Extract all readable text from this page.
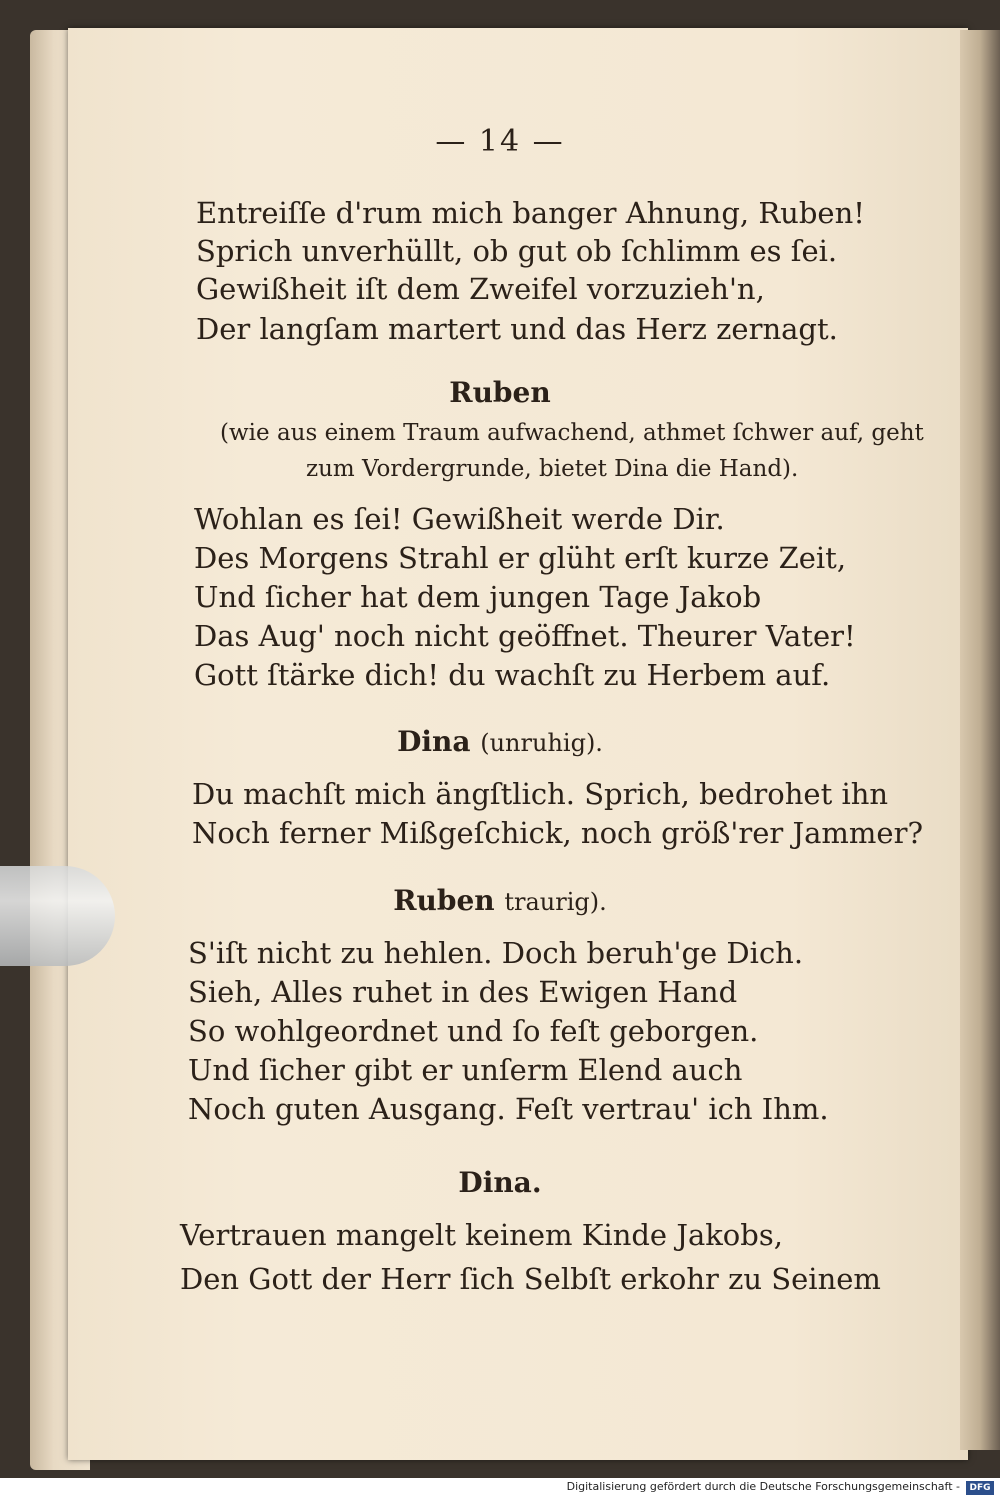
— 14 —
Entreiſſe d'rum mich banger Ahnung, Ruben!
Sprich unverhüllt, ob gut ob ſchlimm es ſei.
Gewißheit iſt dem Zweifel vorzuzieh'n,
Der langſam martert und das Herz zernagt.
Ruben
(wie aus einem Traum aufwachend, athmet ſchwer auf, geht
zum Vordergrunde, bietet Dina die Hand).
Wohlan es ſei! Gewißheit werde Dir.
Des Morgens Strahl er glüht erſt kurze Zeit,
Und ſicher hat dem jungen Tage Jakob
Das Aug' noch nicht geöffnet. Theurer Vater!
Gott ſtärke dich! du wachſt zu Herbem auf.
Dina (unruhig).
Du machſt mich ängſtlich. Sprich, bedrohet ihn
Noch ferner Mißgeſchick, noch größ'rer Jammer?
Ruben traurig).
S'iſt nicht zu hehlen. Doch beruh'ge Dich.
Sieh, Alles ruhet in des Ewigen Hand
So wohlgeordnet und ſo feſt geborgen.
Und ſicher gibt er unſerm Elend auch
Noch guten Ausgang. Feſt vertrau' ich Ihm.
Dina.
Vertrauen mangelt keinem Kinde Jakobs,
Den Gott der Herr ſich Selbſt erkohr zu Seinem
Digitalisierung gefördert durch die Deutsche Forschungsgemeinschaft -	DFG
